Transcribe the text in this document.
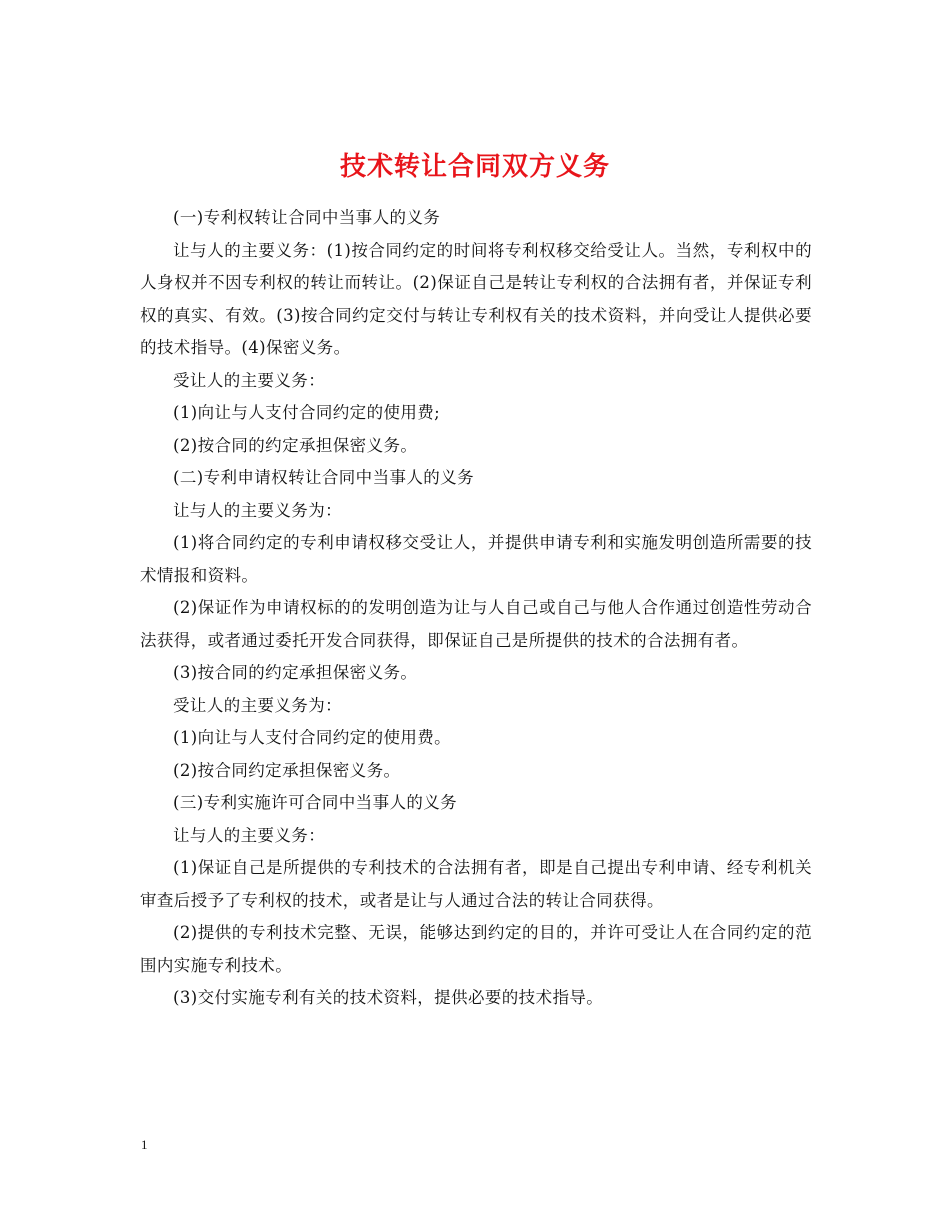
技术转让合同双方义务

(一)专利权转让合同中当事人的义务

让与人的主要义务：(1)按合同约定的时间将专利权移交给受让人。当然，专利权中的人身权并不因专利权的转让而转让。(2)保证自己是转让专利权的合法拥有者，并保证专利权的真实、有效。(3)按合同约定交付与转让专利权有关的技术资料，并向受让人提供必要的技术指导。(4)保密义务。

受让人的主要义务：

(1)向让与人支付合同约定的使用费;

(2)按合同的约定承担保密义务。

(二)专利申请权转让合同中当事人的义务

让与人的主要义务为：

(1)将合同约定的专利申请权移交受让人，并提供申请专利和实施发明创造所需要的技术情报和资料。

(2)保证作为申请权标的的发明创造为让与人自己或自己与他人合作通过创造性劳动合法获得，或者通过委托开发合同获得，即保证自己是所提供的技术的合法拥有者。

(3)按合同的约定承担保密义务。

受让人的主要义务为：

(1)向让与人支付合同约定的使用费。

(2)按合同约定承担保密义务。

(三)专利实施许可合同中当事人的义务

让与人的主要义务：

(1)保证自己是所提供的专利技术的合法拥有者，即是自己提出专利申请、经专利机关审查后授予了专利权的技术，或者是让与人通过合法的转让合同获得。

(2)提供的专利技术完整、无误，能够达到约定的目的，并许可受让人在合同约定的范围内实施专利技术。

(3)交付实施专利有关的技术资料，提供必要的技术指导。

1
